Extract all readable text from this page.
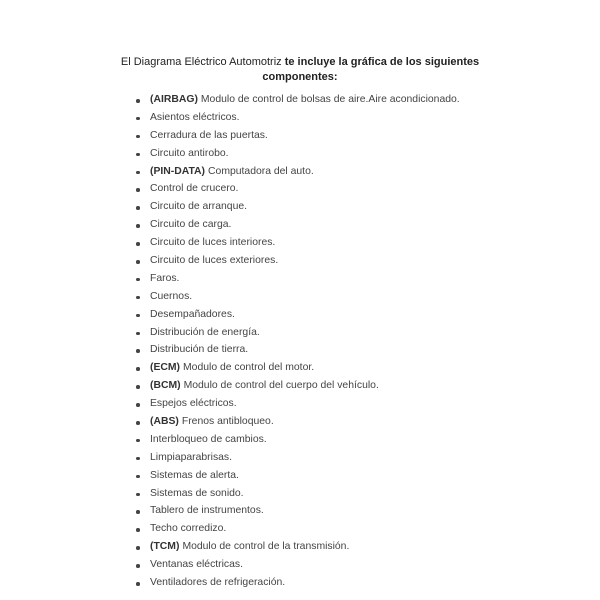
El Diagrama Eléctrico Automotriz te incluye la gráfica de los siguientes componentes:

(AIRBAG) Modulo de control de bolsas de aire.Aire acondicionado.
Asientos eléctricos.
Cerradura de las puertas.
Circuito antirobo.
(PIN-DATA) Computadora del auto.
Control de crucero.
Circuito de arranque.
Circuito de carga.
Circuito de luces interiores.
Circuito de luces exteriores.
Faros.
Cuernos.
Desempañadores.
Distribución de energía.
Distribución de tierra.
(ECM) Modulo de control del motor.
(BCM) Modulo de control del cuerpo del vehículo.
Espejos eléctricos.
(ABS) Frenos antibloqueo.
Interbloqueo de cambios.
Limpiaparabrisas.
Sistemas de alerta.
Sistemas de sonido.
Tablero de instrumentos.
Techo corredizo.
(TCM) Modulo de control de la transmisión.
Ventanas eléctricas.
Ventiladores de refrigeración.
